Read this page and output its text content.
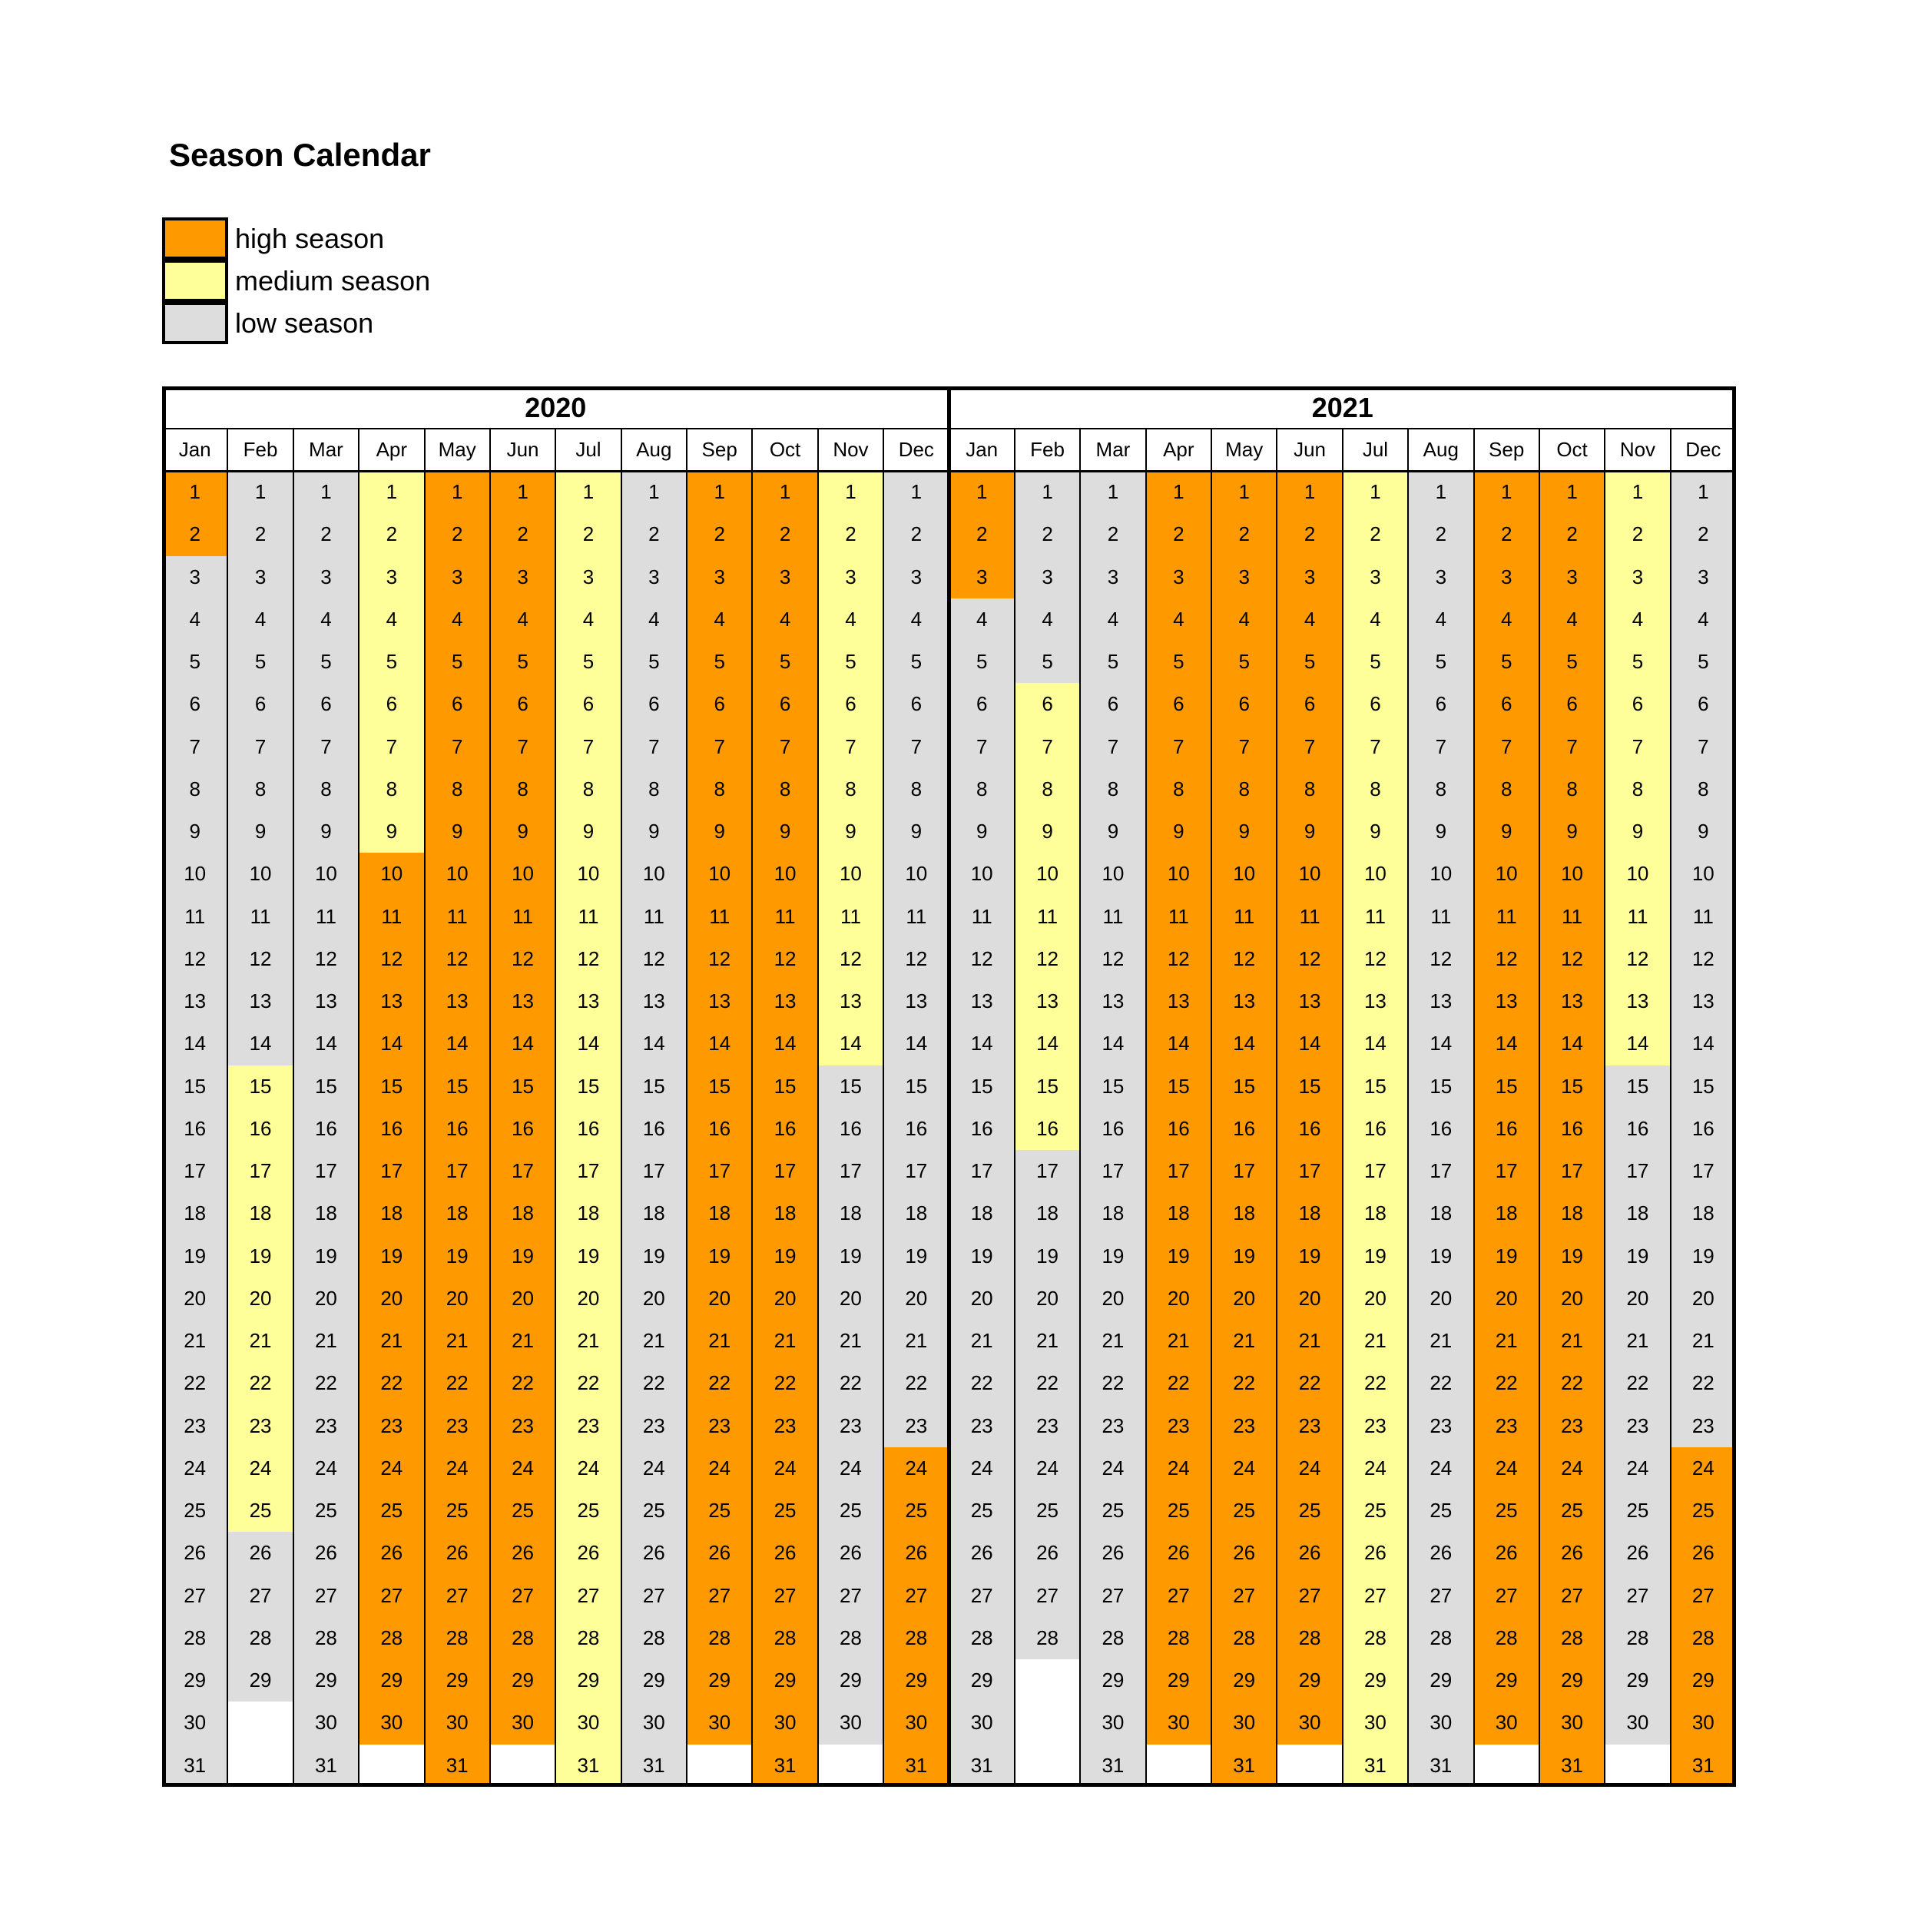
Season Calendar
high season
medium season
low season
2020
Jan
1
2
3
4
5
6
7
8
9
10
11
12
13
14
15
16
17
18
19
20
21
22
23
24
25
26
27
28
29
30
31
Feb
1
2
3
4
5
6
7
8
9
10
11
12
13
14
15
16
17
18
19
20
21
22
23
24
25
26
27
28
29
Mar
1
2
3
4
5
6
7
8
9
10
11
12
13
14
15
16
17
18
19
20
21
22
23
24
25
26
27
28
29
30
31
Apr
1
2
3
4
5
6
7
8
9
10
11
12
13
14
15
16
17
18
19
20
21
22
23
24
25
26
27
28
29
30
May
1
2
3
4
5
6
7
8
9
10
11
12
13
14
15
16
17
18
19
20
21
22
23
24
25
26
27
28
29
30
31
Jun
1
2
3
4
5
6
7
8
9
10
11
12
13
14
15
16
17
18
19
20
21
22
23
24
25
26
27
28
29
30
Jul
1
2
3
4
5
6
7
8
9
10
11
12
13
14
15
16
17
18
19
20
21
22
23
24
25
26
27
28
29
30
31
Aug
1
2
3
4
5
6
7
8
9
10
11
12
13
14
15
16
17
18
19
20
21
22
23
24
25
26
27
28
29
30
31
Sep
1
2
3
4
5
6
7
8
9
10
11
12
13
14
15
16
17
18
19
20
21
22
23
24
25
26
27
28
29
30
Oct
1
2
3
4
5
6
7
8
9
10
11
12
13
14
15
16
17
18
19
20
21
22
23
24
25
26
27
28
29
30
31
Nov
1
2
3
4
5
6
7
8
9
10
11
12
13
14
15
16
17
18
19
20
21
22
23
24
25
26
27
28
29
30
Dec
1
2
3
4
5
6
7
8
9
10
11
12
13
14
15
16
17
18
19
20
21
22
23
24
25
26
27
28
29
30
31
2021
Jan
1
2
3
4
5
6
7
8
9
10
11
12
13
14
15
16
17
18
19
20
21
22
23
24
25
26
27
28
29
30
31
Feb
1
2
3
4
5
6
7
8
9
10
11
12
13
14
15
16
17
18
19
20
21
22
23
24
25
26
27
28
Mar
1
2
3
4
5
6
7
8
9
10
11
12
13
14
15
16
17
18
19
20
21
22
23
24
25
26
27
28
29
30
31
Apr
1
2
3
4
5
6
7
8
9
10
11
12
13
14
15
16
17
18
19
20
21
22
23
24
25
26
27
28
29
30
May
1
2
3
4
5
6
7
8
9
10
11
12
13
14
15
16
17
18
19
20
21
22
23
24
25
26
27
28
29
30
31
Jun
1
2
3
4
5
6
7
8
9
10
11
12
13
14
15
16
17
18
19
20
21
22
23
24
25
26
27
28
29
30
Jul
1
2
3
4
5
6
7
8
9
10
11
12
13
14
15
16
17
18
19
20
21
22
23
24
25
26
27
28
29
30
31
Aug
1
2
3
4
5
6
7
8
9
10
11
12
13
14
15
16
17
18
19
20
21
22
23
24
25
26
27
28
29
30
31
Sep
1
2
3
4
5
6
7
8
9
10
11
12
13
14
15
16
17
18
19
20
21
22
23
24
25
26
27
28
29
30
Oct
1
2
3
4
5
6
7
8
9
10
11
12
13
14
15
16
17
18
19
20
21
22
23
24
25
26
27
28
29
30
31
Nov
1
2
3
4
5
6
7
8
9
10
11
12
13
14
15
16
17
18
19
20
21
22
23
24
25
26
27
28
29
30
Dec
1
2
3
4
5
6
7
8
9
10
11
12
13
14
15
16
17
18
19
20
21
22
23
24
25
26
27
28
29
30
31
